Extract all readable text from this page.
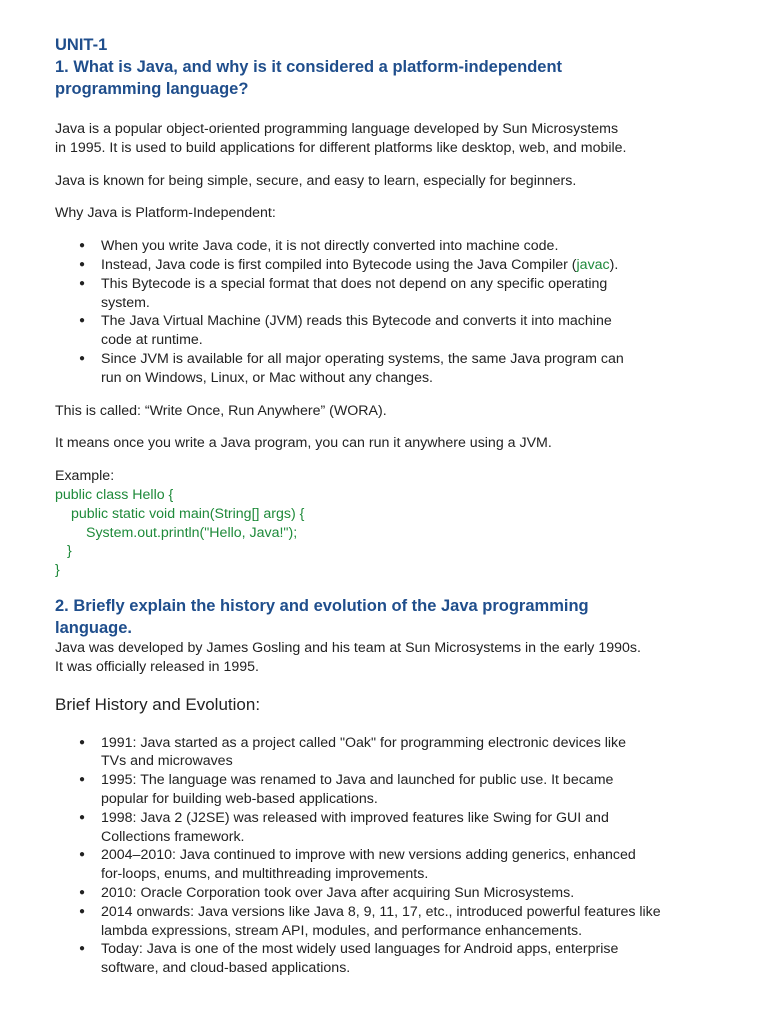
UNIT-1
1. What is Java, and why is it considered a platform-independent
programming language?

Java is a popular object-oriented programming language developed by Sun Microsystems
in 1995. It is used to build applications for different platforms like desktop, web, and mobile.

Java is known for being simple, secure, and easy to learn, especially for beginners.

Why Java is Platform-Independent:

● When you write Java code, it is not directly converted into machine code.
● Instead, Java code is first compiled into Bytecode using the Java Compiler (javac).
● This Bytecode is a special format that does not depend on any specific operating
system.
● The Java Virtual Machine (JVM) reads this Bytecode and converts it into machine
code at runtime.
● Since JVM is available for all major operating systems, the same Java program can
run on Windows, Linux, or Mac without any changes.

This is called: “Write Once, Run Anywhere” (WORA).

It means once you write a Java program, you can run it anywhere using a JVM.

Example:

public class Hello {
public static void main(String[] args) {
System.out.println("Hello, Java!");
}
}
2. Briefly explain the history and evolution of the Java programming
language.

Java was developed by James Gosling and his team at Sun Microsystems in the early 1990s.
It was officially released in 1995.

Brief History and Evolution:
● 1991: Java started as a project called "Oak" for programming electronic devices like
TVs and microwaves
● 1995: The language was renamed to Java and launched for public use. It became
popular for building web-based applications.
● 1998: Java 2 (J2SE) was released with improved features like Swing for GUI and
Collections framework.
● 2004–2010: Java continued to improve with new versions adding generics, enhanced
for-loops, enums, and multithreading improvements.
● 2010: Oracle Corporation took over Java after acquiring Sun Microsystems.
● 2014 onwards: Java versions like Java 8, 9, 11, 17, etc., introduced powerful features like
lambda expressions, stream API, modules, and performance enhancements.
● Today: Java is one of the most widely used languages for Android apps, enterprise
software, and cloud-based applications.
